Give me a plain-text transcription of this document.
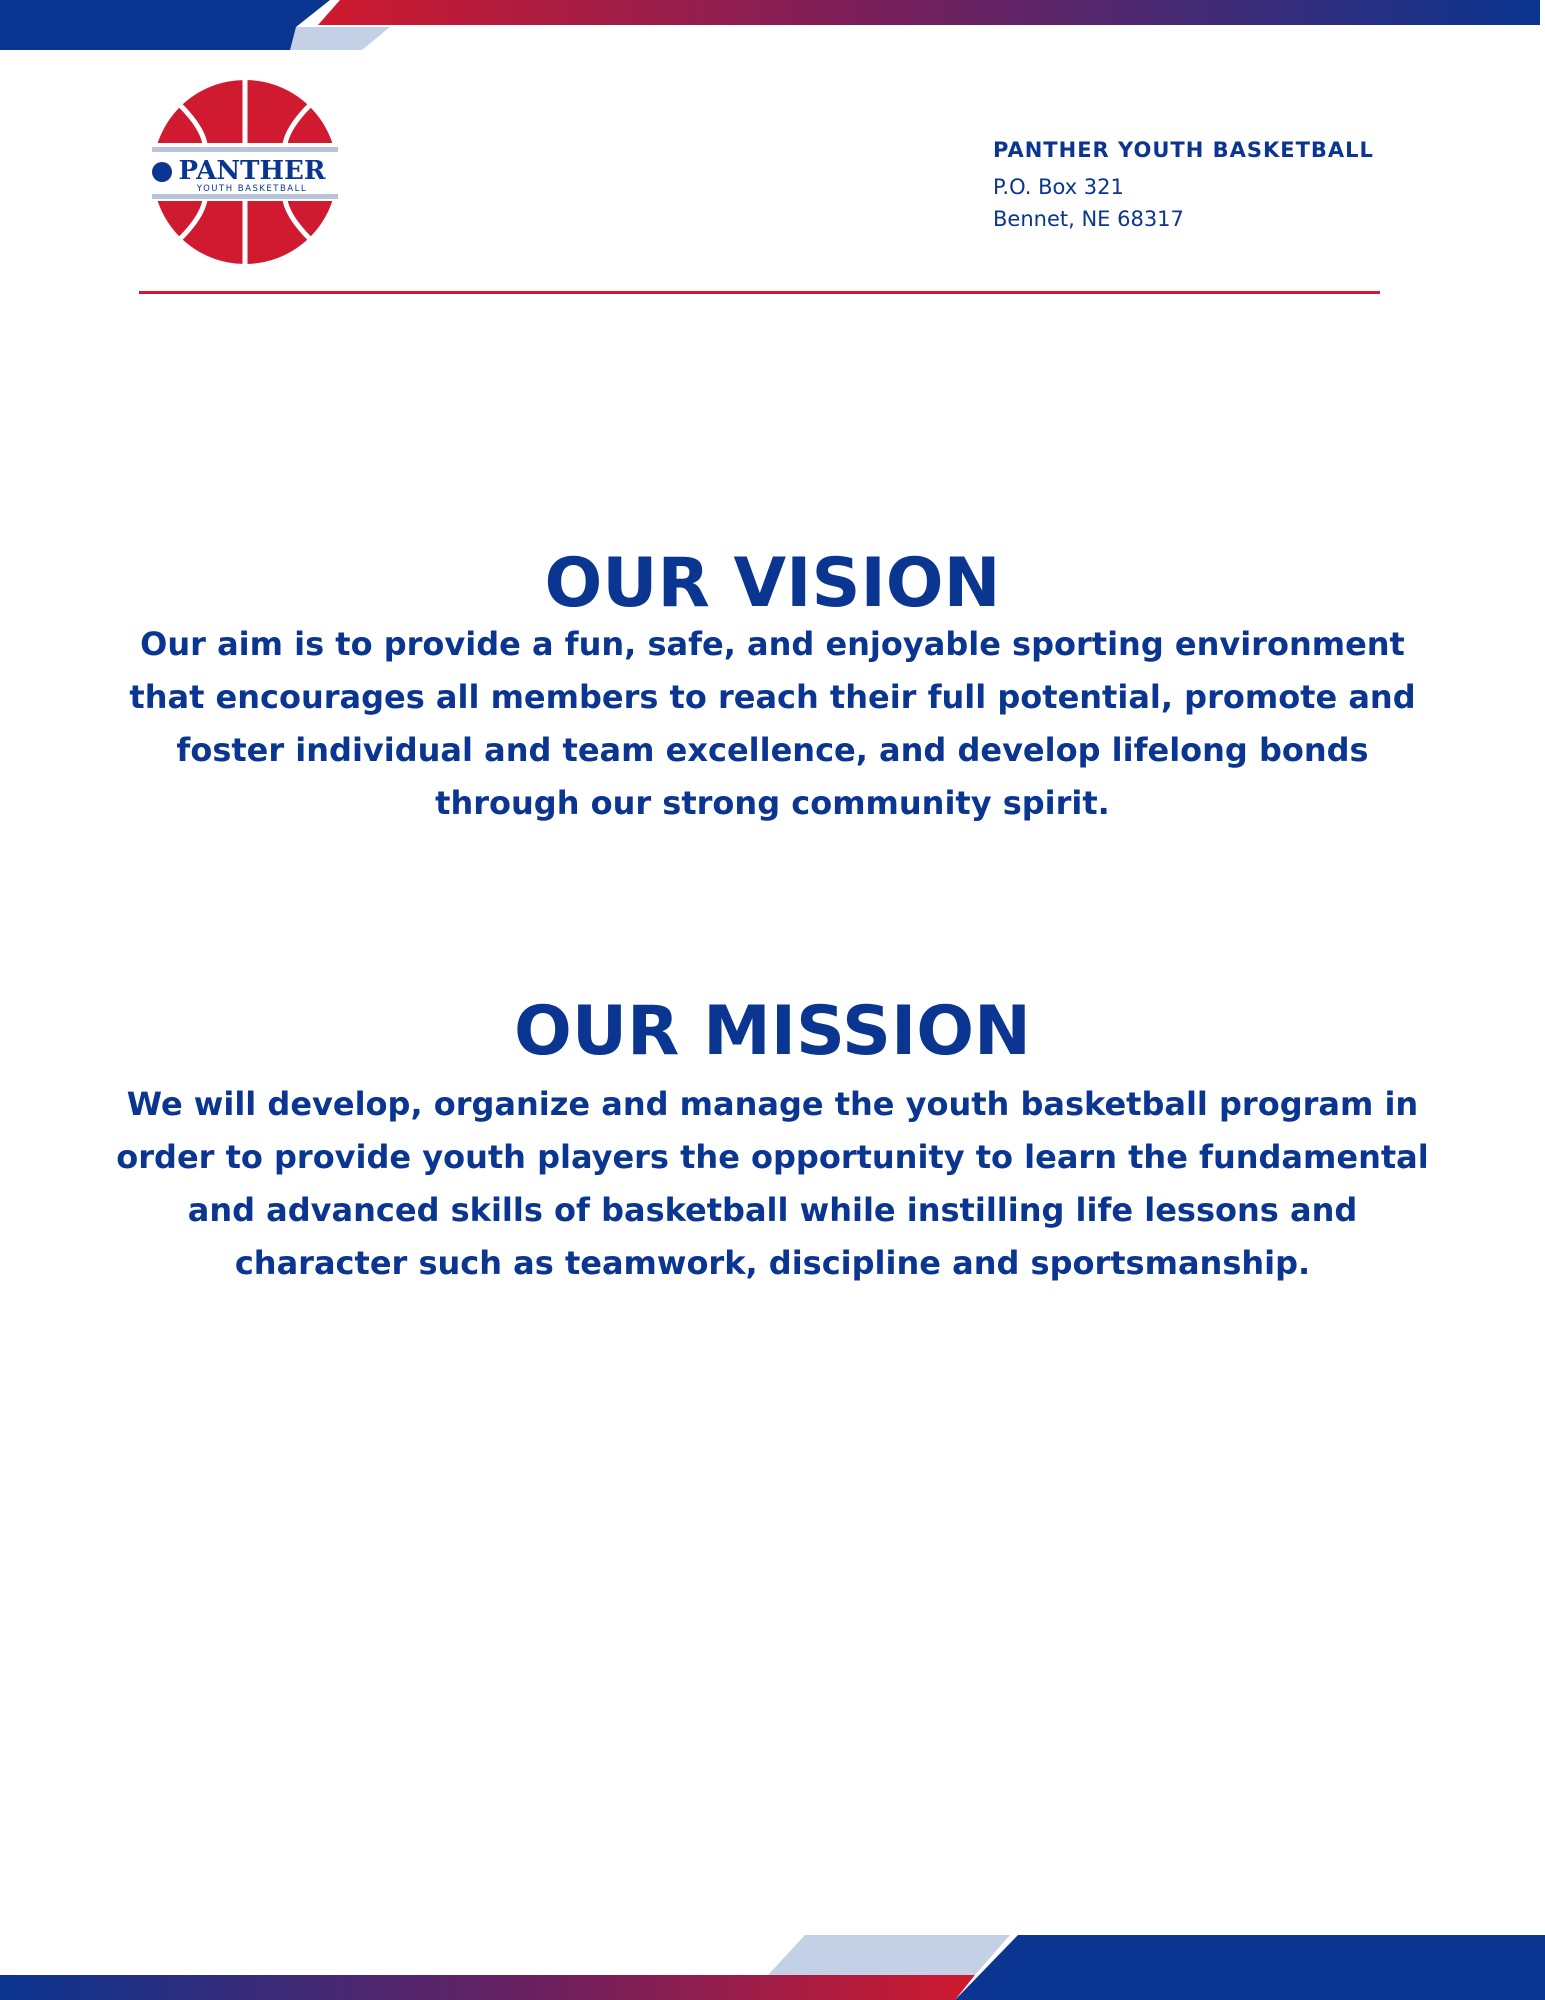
PANTHER
YOUTH BASKETBALL
PANTHER YOUTH BASKETBALL
P.O. Box 321
Bennet, NE 68317
OUR VISION

Our aim is to provide a fun, safe, and enjoyable sporting environment that encourages all members to reach their full potential, promote and foster individual and team excellence, and develop lifelong bonds through our strong community spirit.

OUR MISSION

We will develop, organize and manage the youth basketball program in order to provide youth players the opportunity to learn the fundamental and advanced skills of basketball while instilling life lessons and character such as teamwork, discipline and sportsmanship.
